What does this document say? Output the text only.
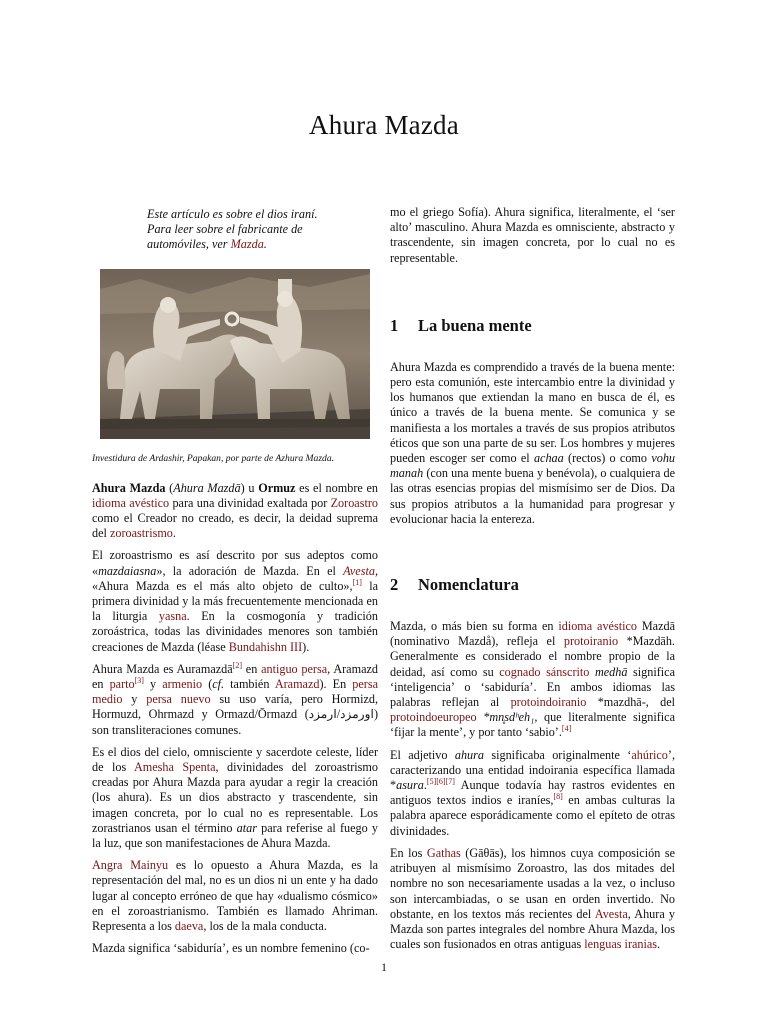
Ahura Mazda

Este artículo es sobre el dios iraní. Para leer sobre el fabricante de automóviles, ver Mazda.

Investidura de Ardashir, Papakan, por parte de Azhura Mazda.

Ahura Mazda (Ahura Mazdā) u Ormuz es el nombre en idioma avéstico para una divinidad exaltada por Zoroastro como el Creador no creado, es decir, la deidad suprema del zoroastrismo.

El zoroastrismo es así descrito por sus adeptos como «mazdaiasna», la adoración de Mazda. En el Avesta, «Ahura Mazda es el más alto objeto de culto»,[1] la primera divinidad y la más frecuentemente mencionada en la liturgia yasna. En la cosmogonía y tradición zoroástrica, todas las divinidades menores son también creaciones de Mazda (léase Bundahishn III).

Ahura Mazda es Auramazdā[2] en antiguo persa, Aramazd en parto[3] y armenio (cf. también Aramazd). En persa medio y persa nuevo su uso varía, pero Hormizd, Hormuzd, Ohrmazd y Ormazd/Ōrmazd (اورمزد/ارمزد) son transliteraciones comunes.

Es el dios del cielo, omnisciente y sacerdote celeste, líder de los Amesha Spenta, divinidades del zoroastrismo creadas por Ahura Mazda para ayudar a regir la creación (los ahura). Es un dios abstracto y trascendente, sin imagen concreta, por lo cual no es representable. Los zorastrianos usan el término atar para referise al fuego y la luz, que son manifestaciones de Ahura Mazda.

Angra Mainyu es lo opuesto a Ahura Mazda, es la representación del mal, no es un dios ni un ente y ha dado lugar al concepto erróneo de que hay «dualismo cósmico» en el zoroastrianismo. También es llamado Ahriman. Representa a los daeva, los de la mala conducta.

Mazda significa ‘sabiduría’, es un nombre femenino (co-

mo el griego Sofía). Ahura significa, literalmente, el ‘ser alto’ masculino. Ahura Mazda es omnisciente, abstracto y trascendente, sin imagen concreta, por lo cual no es representable.

1 La buena mente

Ahura Mazda es comprendido a través de la buena mente: pero esta comunión, este intercambio entre la divinidad y los humanos que extiendan la mano en busca de él, es único a través de la buena mente. Se comunica y se manifiesta a los mortales a través de sus propios atributos éticos que son una parte de su ser. Los hombres y mujeres pueden escoger ser como el achaa (rectos) o como vohu manah (con una mente buena y benévola), o cualquiera de las otras esencias propias del mismísimo ser de Dios. Da sus propios atributos a la humanidad para progresar y evolucionar hacia la entereza.

2 Nomenclatura

Mazda, o más bien su forma en idioma avéstico Mazdā (nominativo Mazdå), refleja el protoiranio *Mazdāh. Generalmente es considerado el nombre propio de la deidad, así como su cognado sánscrito medhā significa ‘inteligencia’ o ‘sabiduría’. En ambos idiomas las palabras reflejan al protoindoiranio *mazdhā-, del protoindoeuropeo *mn̥sdʰeh₁, que literalmente significa ‘fijar la mente’, y por tanto ‘sabio’.[4]

El adjetivo ahura significaba originalmente ‘ahúrico’, caracterizando una entidad indoirania específica llamada *asura.[5][6][7] Aunque todavía hay rastros evidentes en antiguos textos indios e iraníes,[8] en ambas culturas la palabra aparece esporádicamente como el epíteto de otras divinidades.

En los Gathas (Gāθās), los himnos cuya composición se atribuyen al mismísimo Zoroastro, las dos mitades del nombre no son necesariamente usadas a la vez, o incluso son intercambiadas, o se usan en orden invertido. No obstante, en los textos más recientes del Avesta, Ahura y Mazda son partes integrales del nombre Ahura Mazda, los cuales son fusionados en otras antiguas lenguas iranias.

1
